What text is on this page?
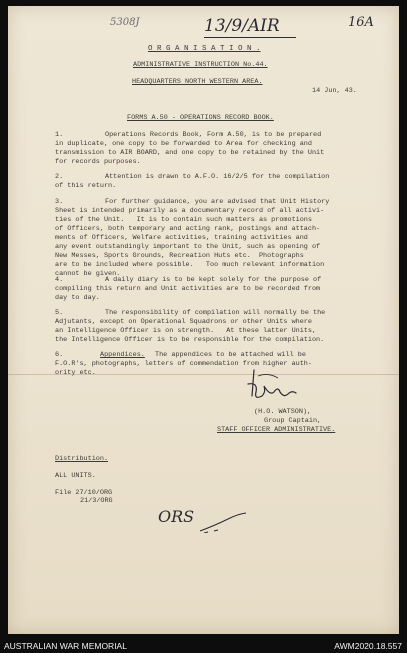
5308J	13/9/AIR	16A
O R G A N I S A T I O N .
ADMINISTRATIVE INSTRUCTION No.44.
HEADQUARTERS NORTH WESTERN AREA.
14 Jun, 43.
FORMS A.50 - OPERATIONS RECORD BOOK.
1.	Operations Records Book, Form A.50, is to be prepared
in duplicate, one copy to be forwarded to Area for checking and
transmission to AIR BOARD, and one copy to be retained by the Unit
for records purposes.
2.	Attention is drawn to A.F.O. 16/2/5 for the compilation
of this return.
3.	For further guidance, you are advised that Unit History
Sheet is intended primarily as a documentary record of all activi-
ties of the Unit.   It is to contain such matters as promotions
of Officers, both temporary and acting rank, postings and attach-
ments of Officers, Welfare activities, training activities and
any event outstandingly important to the Unit, such as opening of
New Messes, Sports Grounds, Recreation Huts etc.  Photographs
are to be included where possible.   Too much relevant information
cannot be given.
4.	A daily diary is to be kept solely for the purpose of
compiling this return and Unit activities are to be recorded from
day to day.
5.	The responsibility of compilation will normally be the
Adjutants, except on Operational Squadrons or other Units where
an Intelligence Officer is on strength.   At these latter Units,
the Intelligence Officer is to be responsible for the compilation.
6.	Appendices. The appendices to be attached will be
F.O.R's, photographs, letters of commendation from higher auth-
ority etc.
(H.O. WATSON),
Group Captain,
STAFF OFFICER ADMINISTRATIVE.
Distribution.
ALL UNITS.
File 27/10/ORG
21/3/ORG
ORS
AUSTRALIAN WAR MEMORIAL	AWM2020.18.557
